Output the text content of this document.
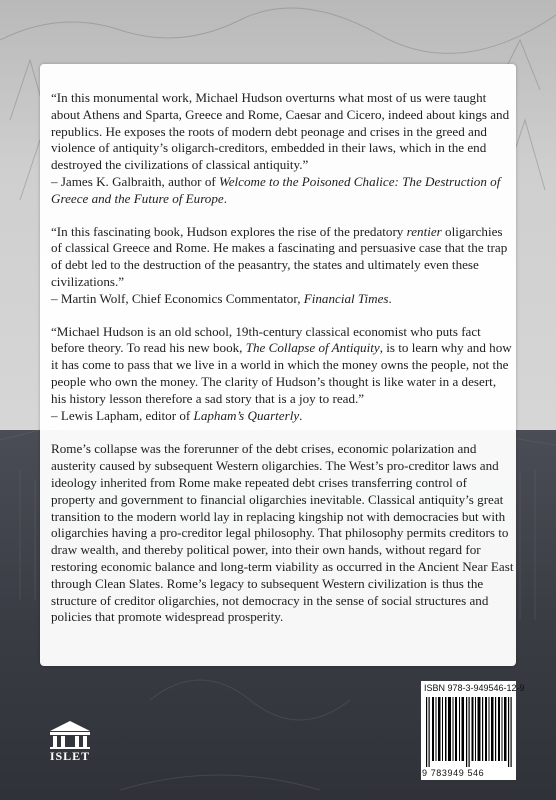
“In this monumental work, Michael Hudson overturns what most of us were taught about Athens and Sparta, Greece and Rome, Caesar and Cicero, indeed about kings and republics. He exposes the roots of modern debt peonage and crises in the greed and violence of antiquity’s oligarch-creditors, embedded in their laws, which in the end destroyed the civilizations of classical antiquity.”
– James K. Galbraith, author of Welcome to the Poisoned Chalice: The Destruction of Greece and the Future of Europe.

“In this fascinating book, Hudson explores the rise of the predatory rentier oligarchies of classical Greece and Rome. He makes a fascinating and persuasive case that the trap of debt led to the destruction of the peasantry, the states and ultimately even these civilizations.”
– Martin Wolf, Chief Economics Commentator, Financial Times.

“Michael Hudson is an old school, 19th-century classical economist who puts fact before theory. To read his new book, The Collapse of Antiquity, is to learn why and how it has come to pass that we live in a world in which the money owns the people, not the people who own the money. The clarity of Hudson’s thought is like water in a desert, his history lesson therefore a sad story that is a joy to read.”
– Lewis Lapham, editor of Lapham’s Quarterly.

Rome’s collapse was the forerunner of the debt crises, economic polarization and austerity caused by subsequent Western oligarchies. The West’s pro-creditor laws and ideology inherited from Rome make repeated debt crises transferring control of property and government to financial oligarchies inevitable. Classical antiquity’s great transition to the modern world lay in replacing kingship not with democracies but with oligarchies having a pro-creditor legal philosophy. That philosophy permits creditors to draw wealth, and thereby political power, into their own hands, without regard for restoring economic balance and long-term viability as occurred in the Ancient Near East through Clean Slates. Rome’s legacy to subsequent Western civilization is thus the structure of creditor oligarchies, not democracy in the sense of social structures and policies that promote widespread prosperity.

ISBN 978-3-949546-12-9
9 783949 546
ISLET
